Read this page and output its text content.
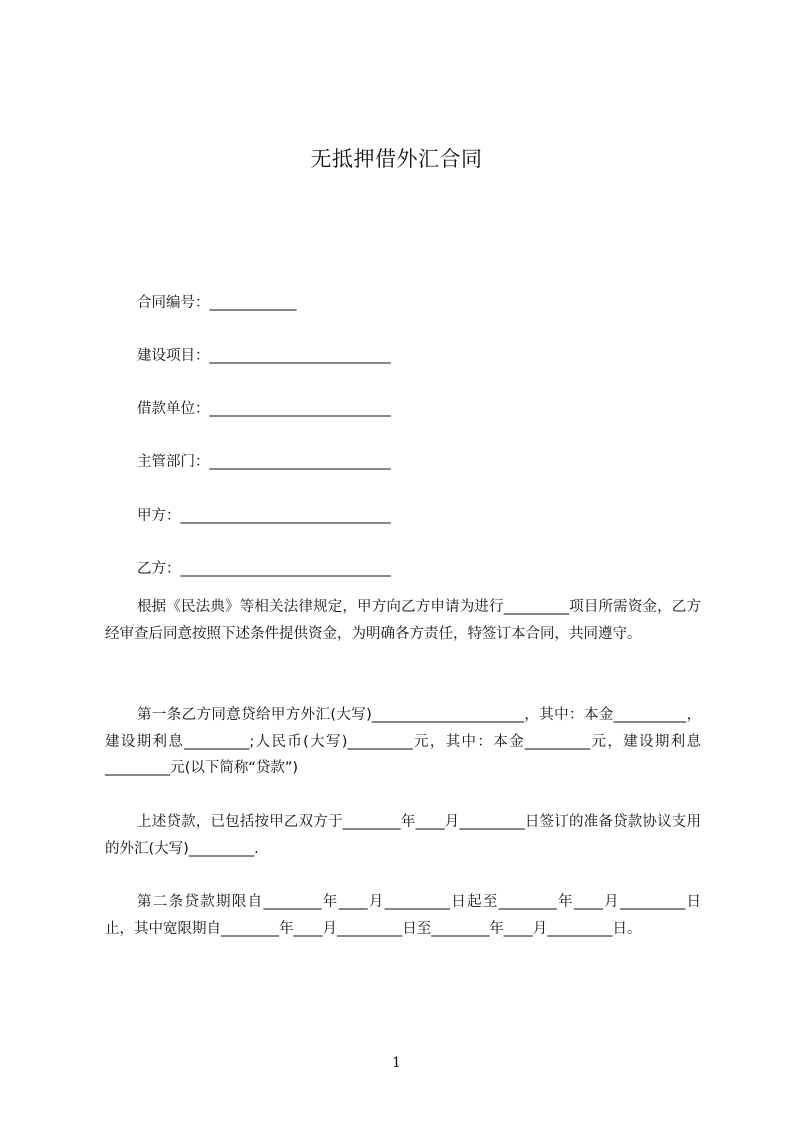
无抵押借外汇合同
合同编号：____________
建设项目：_________________________
借款单位：_________________________
主管部门：_________________________
甲方：_____________________________
乙方：_____________________________

根据《民法典》等相关法律规定，甲方向乙方申请为进行_________项目所需资金，乙方经审查后同意按照下述条件提供资金，为明确各方责任，特签订本合同，共同遵守。

第一条乙方同意贷给甲方外汇(大写)_____________________，其中：本金__________，建设期利息_________;人民币(大写)_________元，其中：本金_________元，建设期利息_________元(以下简称“贷款”)

上述贷款，已包括按甲乙双方于________年____月_________日签订的准备贷款协议支用的外汇(大写)_________.

第二条贷款期限自________年____月_________日起至________年____月_________日止，其中宽限期自________年____月_________日至________年____月_________日。

1
